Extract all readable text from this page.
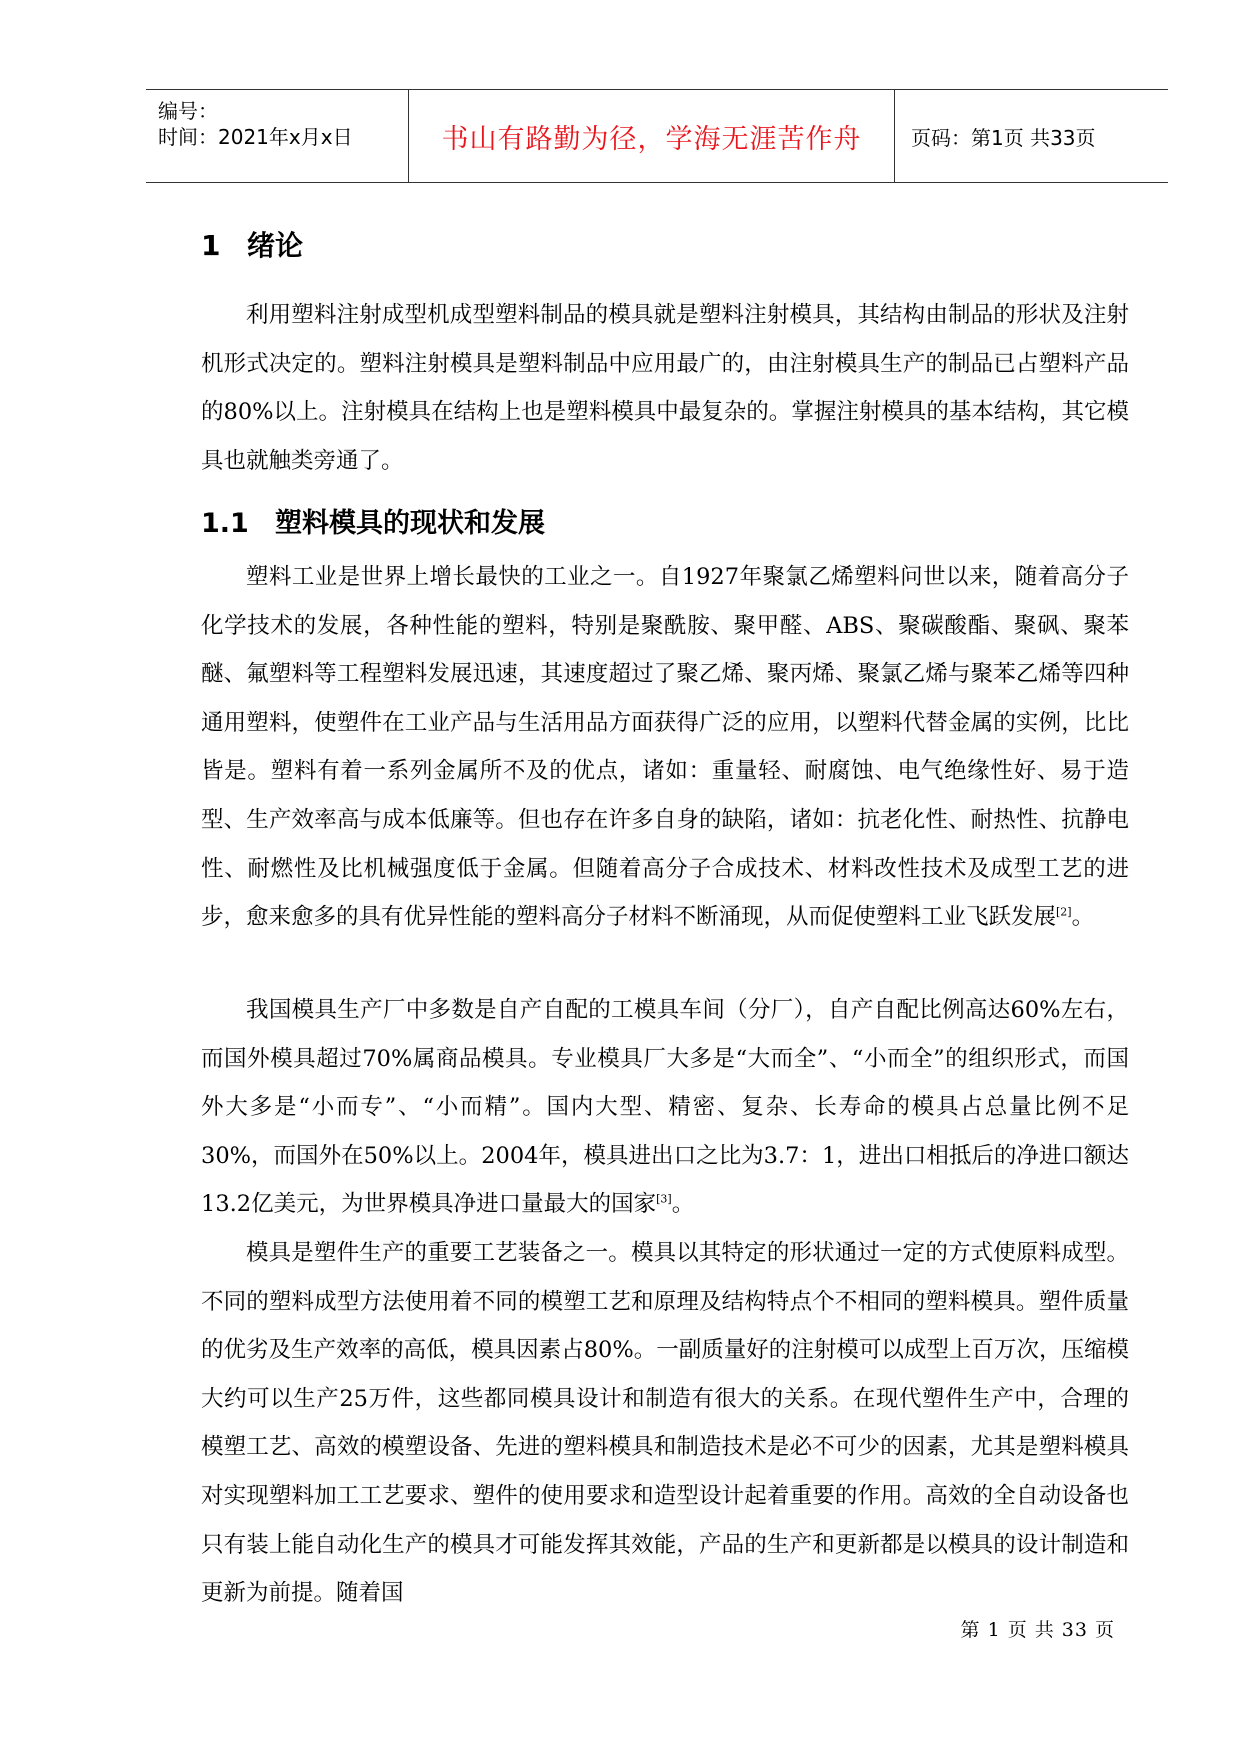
编号：
时间：2021年x月x日	书山有路勤为径，学海无涯苦作舟 页码：第1页 共33页
1 绪论

利用塑料注射成型机成型塑料制品的模具就是塑料注射模具，其结构由制品的形状及注射机形式决定的。塑料注射模具是塑料制品中应用最广的，由注射模具生产的制品已占塑料产品的80%以上。注射模具在结构上也是塑料模具中最复杂的。掌握注射模具的基本结构，其它模具也就触类旁通了。

1.1 塑料模具的现状和发展

塑料工业是世界上增长最快的工业之一。自1927年聚氯乙烯塑料问世以来，随着高分子化学技术的发展，各种性能的塑料，特别是聚酰胺、聚甲醛、ABS、聚碳酸酯、聚砜、聚苯醚、氟塑料等工程塑料发展迅速，其速度超过了聚乙烯、聚丙烯、聚氯乙烯与聚苯乙烯等四种通用塑料，使塑件在工业产品与生活用品方面获得广泛的应用，以塑料代替金属的实例，比比皆是。塑料有着一系列金属所不及的优点，诸如：重量轻、耐腐蚀、电气绝缘性好、易于造型、生产效率高与成本低廉等。但也存在许多自身的缺陷，诸如：抗老化性、耐热性、抗静电性、耐燃性及比机械强度低于金属。但随着高分子合成技术、材料改性技术及成型工艺的进步，愈来愈多的具有优异性能的塑料高分子材料不断涌现，从而促使塑料工业飞跃发展[2]。

我国模具生产厂中多数是自产自配的工模具车间（分厂），自产自配比例高达60%左右，而国外模具超过70%属商品模具。专业模具厂大多是“大而全”、“小而全”的组织形式，而国外大多是“小而专”、“小而精”。国内大型、精密、复杂、长寿命的模具占总量比例不足30%，而国外在50%以上。2004年，模具进出口之比为3.7：1，进出口相抵后的净进口额达13.2亿美元，为世界模具净进口量最大的国家[3]。

模具是塑件生产的重要工艺装备之一。模具以其特定的形状通过一定的方式使原料成型。不同的塑料成型方法使用着不同的模塑工艺和原理及结构特点个不相同的塑料模具。塑件质量的优劣及生产效率的高低，模具因素占80%。一副质量好的注射模可以成型上百万次，压缩模大约可以生产25万件，这些都同模具设计和制造有很大的关系。在现代塑件生产中，合理的模塑工艺、高效的模塑设备、先进的塑料模具和制造技术是必不可少的因素，尤其是塑料模具对实现塑料加工工艺要求、塑件的使用要求和造型设计起着重要的作用。高效的全自动设备也只有装上能自动化生产的模具才可能发挥其效能，产品的生产和更新都是以模具的设计制造和更新为前提。随着国

第 1 页 共 33 页
